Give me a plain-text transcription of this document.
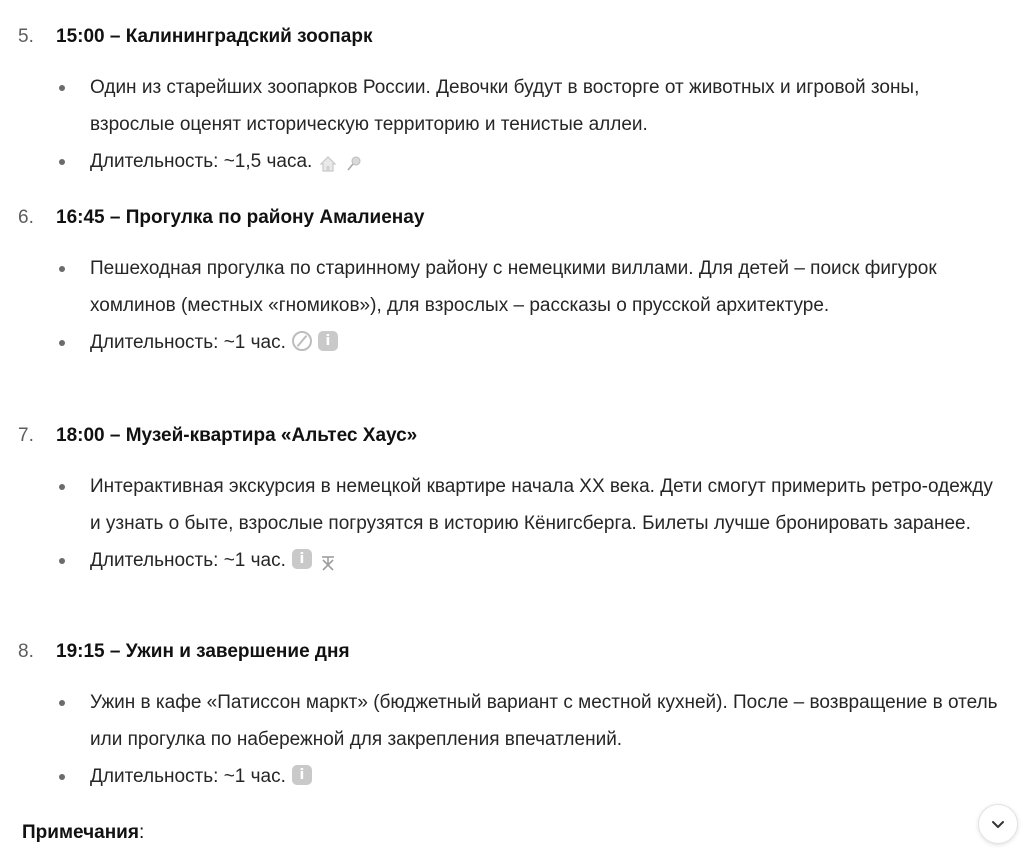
5. 15:00 – Калининградский зоопарк
Один из старейших зоопарков России. Девочки будут в восторге от животных и игровой зоны, взрослые оценят историческую территорию и тенистые аллеи.
Длительность: ~1,5 часа.
6. 16:45 – Прогулка по району Амалиенау
Пешеходная прогулка по старинному району с немецкими виллами. Для детей – поиск фигурок хомлинов (местных «гномиков»), для взрослых – рассказы о прусской архитектуре.
Длительность: ~1 час.	i
7. 18:00 – Музей-квартира «Альтес Хаус»
Интерактивная экскурсия в немецкой квартире начала XX века. Дети смогут примерить ретро-одежду и узнать о быте, взрослые погрузятся в историю Кёнигсберга. Билеты лучше бронировать заранее.
Длительность: ~1 час. i
8. 19:15 – Ужин и завершение дня
Ужин в кафе «Патиссон маркт» (бюджетный вариант с местной кухней). После – возвращение в отель или прогулка по набережной для закрепления впечатлений.
Длительность: ~1 час. i
Примечания:
